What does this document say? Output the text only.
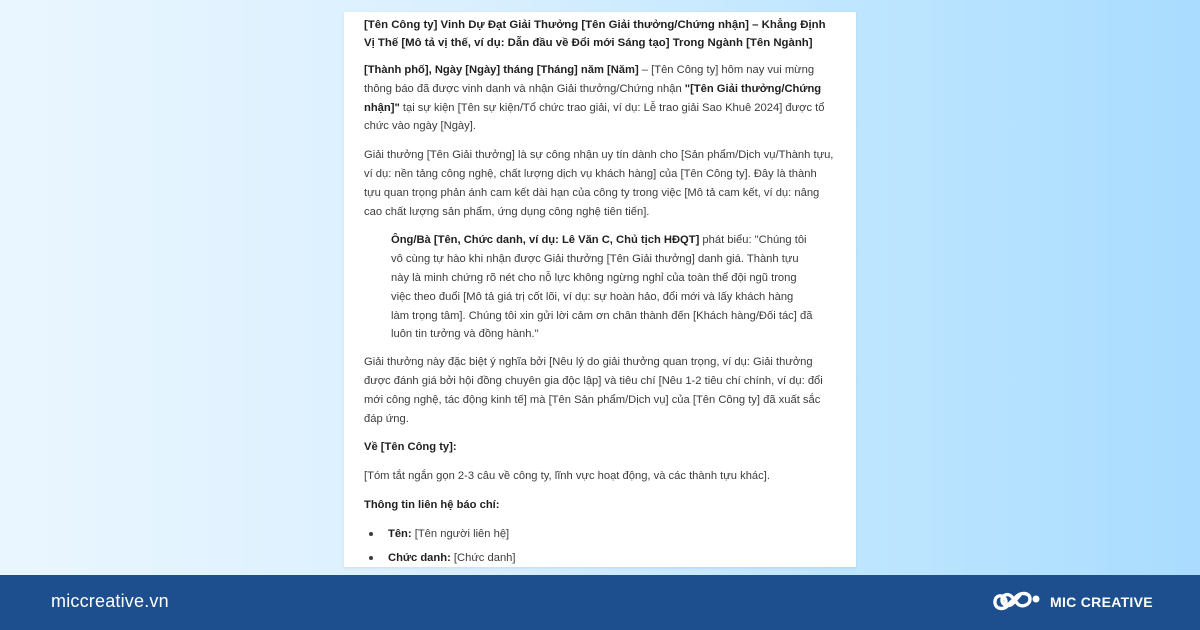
[Tên Công ty] Vinh Dự Đạt Giải Thưởng [Tên Giải thưởng/Chứng nhận] – Khẳng Định Vị Thế [Mô tả vị thế, ví dụ: Dẫn đầu về Đổi mới Sáng tạo] Trong Ngành [Tên Ngành]

[Thành phố], Ngày [Ngày] tháng [Tháng] năm [Năm] – [Tên Công ty] hôm nay vui mừng thông báo đã được vinh danh và nhận Giải thưởng/Chứng nhận "[Tên Giải thưởng/Chứng nhận]" tại sự kiện [Tên sự kiện/Tổ chức trao giải, ví dụ: Lễ trao giải Sao Khuê 2024] được tổ chức vào ngày [Ngày].

Giải thưởng [Tên Giải thưởng] là sự công nhận uy tín dành cho [Sản phẩm/Dịch vụ/Thành tựu, ví dụ: nền tảng công nghệ, chất lượng dịch vụ khách hàng] của [Tên Công ty]. Đây là thành tựu quan trọng phản ánh cam kết dài hạn của công ty trong việc [Mô tả cam kết, ví dụ: nâng cao chất lượng sản phẩm, ứng dụng công nghệ tiên tiến].

Ông/Bà [Tên, Chức danh, ví dụ: Lê Văn C, Chủ tịch HĐQT] phát biểu: "Chúng tôi vô cùng tự hào khi nhận được Giải thưởng [Tên Giải thưởng] danh giá. Thành tựu này là minh chứng rõ nét cho nỗ lực không ngừng nghỉ của toàn thể đội ngũ trong việc theo đuổi [Mô tả giá trị cốt lõi, ví dụ: sự hoàn hảo, đổi mới và lấy khách hàng làm trọng tâm]. Chúng tôi xin gửi lời cảm ơn chân thành đến [Khách hàng/Đối tác] đã luôn tin tưởng và đồng hành."

Giải thưởng này đặc biệt ý nghĩa bởi [Nêu lý do giải thưởng quan trọng, ví dụ: Giải thưởng được đánh giá bởi hội đồng chuyên gia độc lập] và tiêu chí [Nêu 1-2 tiêu chí chính, ví dụ: đổi mới công nghệ, tác động kinh tế] mà [Tên Sản phẩm/Dịch vụ] của [Tên Công ty] đã xuất sắc đáp ứng.

Về [Tên Công ty]:

[Tóm tắt ngắn gọn 2-3 câu về công ty, lĩnh vực hoạt động, và các thành tựu khác].

Thông tin liên hệ báo chí:

Tên: [Tên người liên hệ]
Chức danh: [Chức danh]
miccreative.vn	MIC CREATIVE
